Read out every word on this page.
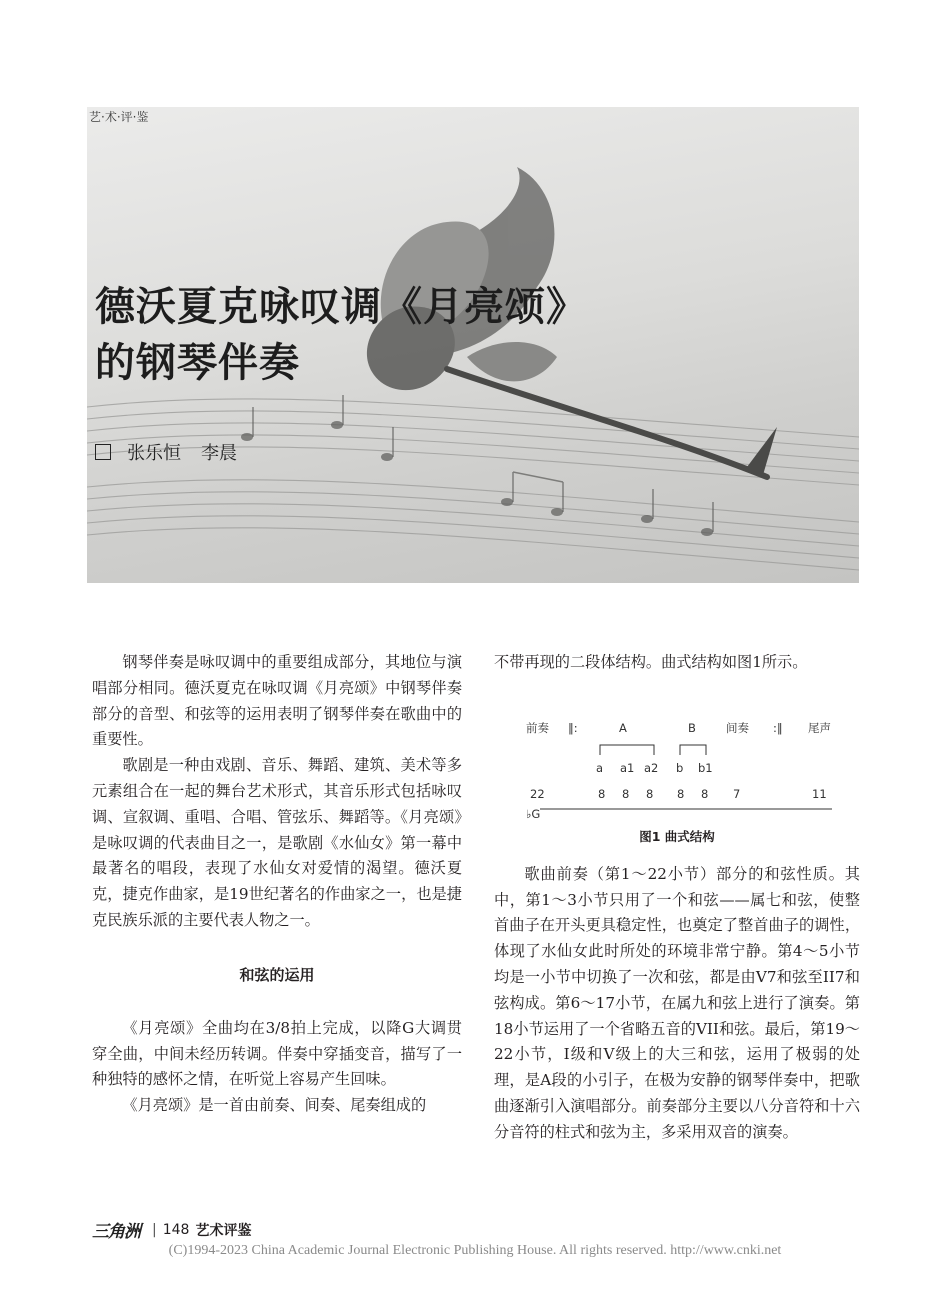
艺·术·评·鉴
德沃夏克咏叹调《月亮颂》
的钢琴伴奏
张乐恒 李晨

钢琴伴奏是咏叹调中的重要组成部分，其地位与演唱部分相同。德沃夏克在咏叹调《月亮颂》中钢琴伴奏部分的音型、和弦等的运用表明了钢琴伴奏在歌曲中的重要性。

歌剧是一种由戏剧、音乐、舞蹈、建筑、美术等多元素组合在一起的舞台艺术形式，其音乐形式包括咏叹调、宣叙调、重唱、合唱、管弦乐、舞蹈等。《月亮颂》是咏叹调的代表曲目之一，是歌剧《水仙女》第一幕中最著名的唱段，表现了水仙女对爱情的渴望。德沃夏克，捷克作曲家，是19世纪著名的作曲家之一，也是捷克民族乐派的主要代表人物之一。

和弦的运用

《月亮颂》全曲均在3/8拍上完成，以降G大调贯穿全曲，中间未经历转调。伴奏中穿插变音，描写了一种独特的感怀之情，在听觉上容易产生回味。

《月亮颂》是一首由前奏、间奏、尾奏组成的

不带再现的二段体结构。曲式结构如图1所示。

前奏 ‖:	A	B	间奏 :‖ 尾声
a a1 a2 b b1
22	8 8 8 8 8 7	11
♭G
图1 曲式结构

歌曲前奏（第1～22小节）部分的和弦性质。其中，第1～3小节只用了一个和弦——属七和弦，使整首曲子在开头更具稳定性，也奠定了整首曲子的调性，体现了水仙女此时所处的环境非常宁静。第4～5小节均是一小节中切换了一次和弦，都是由V7和弦至II7和弦构成。第6～17小节，在属九和弦上进行了演奏。第18小节运用了一个省略五音的VII和弦。最后，第19～22小节，I级和V级上的大三和弦，运用了极弱的处理，是A段的小引子，在极为安静的钢琴伴奏中，把歌曲逐渐引入演唱部分。前奏部分主要以八分音符和十六分音符的柱式和弦为主，多采用双音的演奏。

三角洲 | 148 艺术评鉴
(C)1994-2023 China Academic Journal Electronic Publishing House. All rights reserved. http://www.cnki.net
